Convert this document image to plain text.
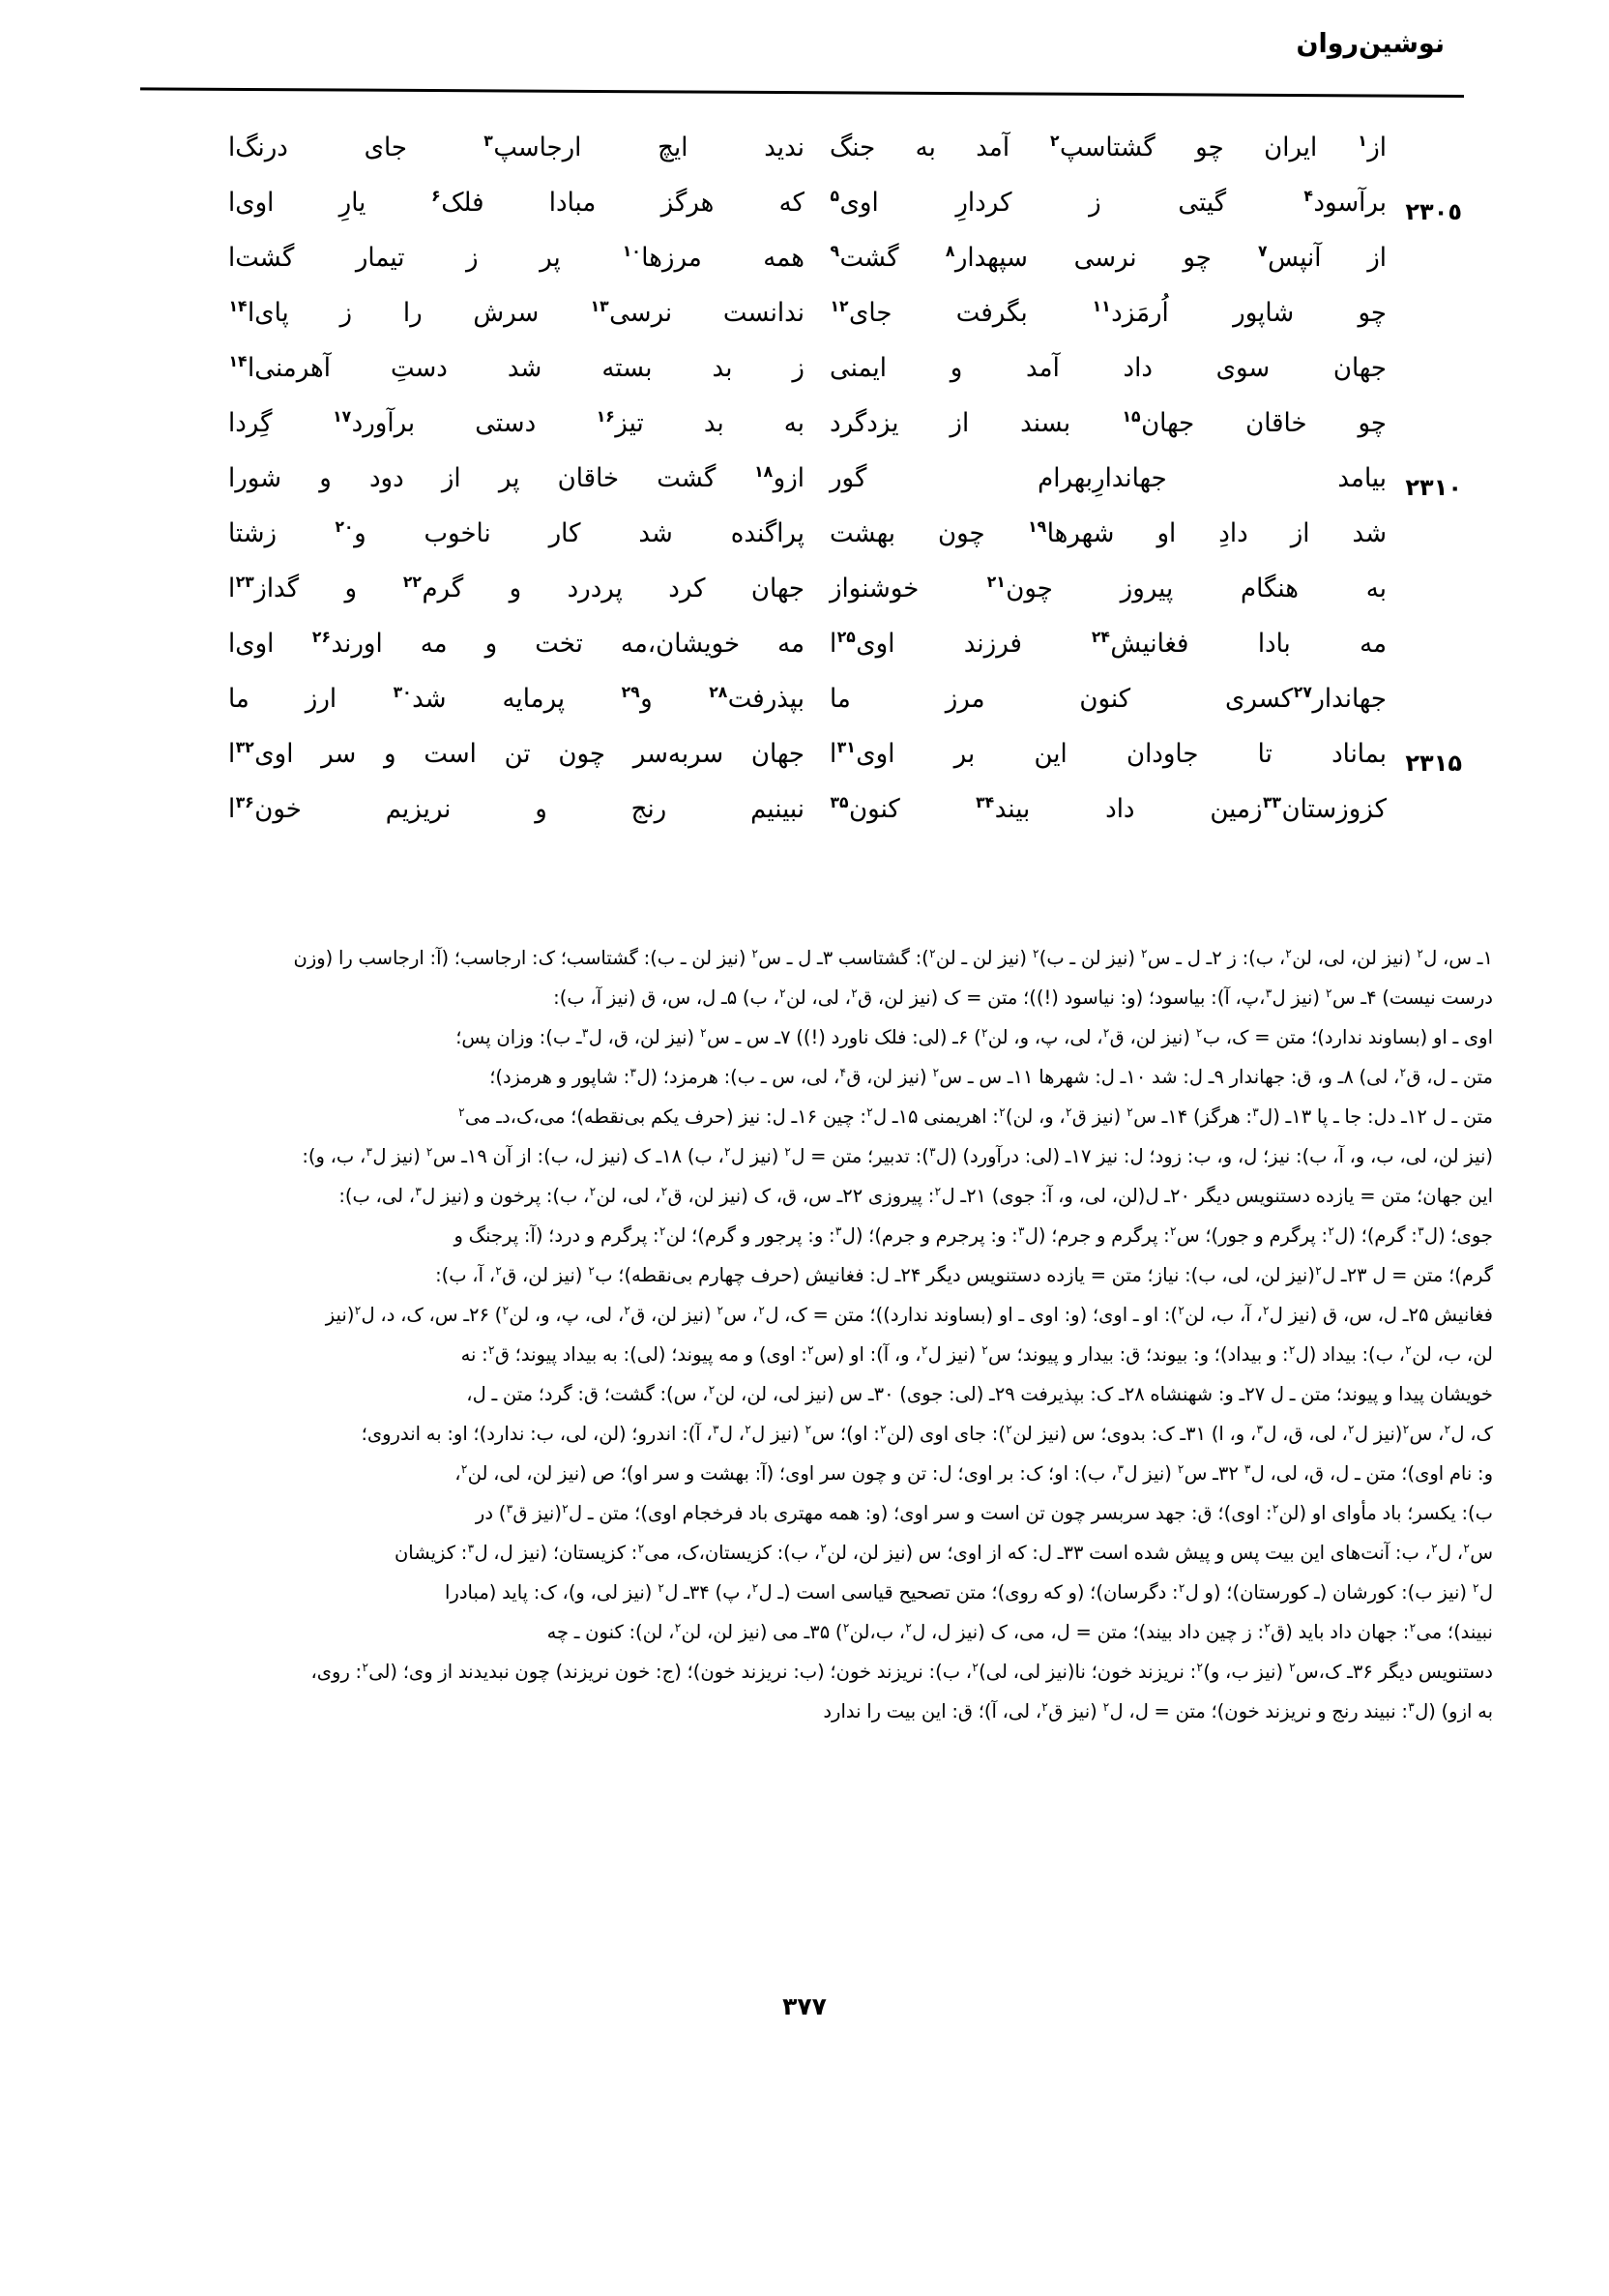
نوشین‌روان
از$^١$ ایران چو گشتاسپ$^٢$ آمد به جنگ
ندید ایچ ارجاسپ$^٣$ جای درنگ‌ا
٢٣٠٥
برآسود$^۴$ گیتی ز کردارِ اوی$^۵$
که هرگز مبادا فلک$^۶$ یارِ اوی‌ا
از آنپس$^٧$ چو نرسی سپهدار$^٨$ گشت$^٩$
همه مرزها$^{١٠}$ پر ز تیمار گشت‌ا
چو شاپور اُرمَزد$^{١١}$ بگرفت جای$^{١٢}$
ندانست نرسی$^{١٣}$ سرش را ز پای‌ا$^{١۴}$
جهان سوی داد آمد و ایمنی
ز بد بسته شد دستِ آهرمنی‌ا$^{١۴}$
چو خاقان جهان$^{١۵}$ بسند از یزدگرد
به بد تیز$^{١۶}$ دستی برآورد$^{١٧}$ گِردا
٢٣١٠
بیامد جهاندارِبهرام گور
ازو$^{١٨}$ گشت خاقان پر از دود و شورا
شد از دادِ او شهرها$^{١٩}$ چون بهشت
پراگنده شد کار ناخوب و$^{٢٠}$ زشتا
به هنگام پیروز چون$^{٢١}$ خوشنواز
جهان کرد پردرد و گرم$^{٢٢}$ و گداز$^{٢٣}$ا
مه بادا فغانیش$^{٢۴}$ فرزند اوی$^{٢۵}$ا
مه خویشان،مه تخت و مه اورند$^{٢۶}$ اوی‌ا
جهاندار$^{٢٧}$کسری کنون مرز ما
بپذرفت$^{٢٨}$ و$^{٢٩}$ پرمایه شد$^{٣٠}$ ارز ما
٢٣١۵
بماناد تا جاودان این بر اوی$^{٣١}$ا
جهان سربه‌سر چون تن است و سر اوی$^{٣٢}$ا
کزوزستان$^{٣٣}$زمین داد بیند$^{٣۴}$ کنون$^{٣۵}$
نبینیم رنج و نریزیم خون$^{٣۶}$ا

١ـ س، ل$^٢$ (نیز لن، لی، لن$^٢$، ب): ز ٢ـ ل ـ س$^٢$ (نیز لن ـ ب)$^٢$ (نیز لن ـ لن$^٢$): گشتاسب ٣ـ ل ـ س$^٢$ (نیز لن ـ ب): گشتاسب؛ ک: ارجاسب؛ (آ: ارجاسب را (وزن

درست نیست) ۴ـ س$^٢$ (نیز ل$^٣$،پ، آ): بیاسود؛ (و: نیاسود (!))؛ متن = ک (نیز لن، ق$^٢$، لی، لن$^٢$، ب) ۵ـ ل، س، ق (نیز آ، ب):

اوی ـ او (بساوند ندارد)؛ متن = ک، ب$^٢$ (نیز لن، ق$^٢$، لی، پ، و، لن$^٢$) ۶ـ (لی: فلک ناورد (!)) ٧ـ س ـ س$^٢$ (نیز لن، ق، ل$^٣$ـ ب): وزان پس؛

متن ـ ل، ق$^٢$، لی) ٨ـ و، ق: جهاندار ٩ـ ل: شد ١٠ـ ل: شهرها ١١ـ س ـ س$^٢$ (نیز لن، ق$^۴$، لی، س ـ ب): هرمزد؛ (ل$^٣$: شاپور و هرمزد)؛

متن ـ ل ١٢ـ دل: جا ـ پا ١٣ـ (ل$^٣$: هرگز) ١۴ـ س$^٢$ (نیز ق$^٢$، و، لن)$^٢$: اهریمنی ١۵ـ ل$^٢$: چین ١۶ـ ل: نیز (حرف یکم بی‌نقطه)؛ می،ک،دـ می$^٢$

(نیز لن، لی، ب، و، آ، ب): نیز؛ ل، و، ب: زود؛ ل: نیز ١٧ـ (لی: درآورد) (ل$^٣$): تدبیر؛ متن = ل$^٢$ (نیز ل$^٢$، ب) ١٨ـ ک (نیز ل، ب): از آن ١٩ـ س$^٢$ (نیز ل$^٣$، ب، و):

این جهان؛ متن = یازده دستنویس دیگر ٢٠ـ ل(لن، لی، و، آ: جوی) ٢١ـ ل$^٢$: پیروزی ٢٢ـ س، ق، ک (نیز لن، ق$^٢$، لی، لن$^٢$، ب): پرخون و (نیز ل$^٣$، لی، ب):

جوی؛ (ل$^٣$: گرم)؛ (ل$^٢$: پرگرم و جور)؛ س$^٢$: پرگرم و جرم؛ (ل$^٣$: و: پرجرم و جرم)؛ (ل$^٣$: و: پرجور و گرم)؛ لن$^٢$: پرگرم و درد؛ (آ: پرجنگ و

گرم)؛ متن = ل ٢٣ـ ل$^٢$(نیز لن، لی، ب): نیاز؛ متن = یازده دستنویس دیگر ٢۴ـ ل: فغانیش (حرف چهارم بی‌نقطه)؛ ب$^٢$ (نیز لن، ق$^٢$، آ، ب):

فغانیش ٢۵ـ ل، س، ق (نیز ل$^٢$، آ، ب، لن$^٢$): او ـ اوی؛ (و: اوی ـ او (بساوند ندارد))؛ متن = ک، ل$^٢$، س$^٢$ (نیز لن، ق$^٢$، لی، پ، و، لن$^٢$) ٢۶ـ س، ک، د، ل$^٢$(نیز

لن، ب، لن$^٢$، ب): بیداد (ل$^٢$: و بیداد)؛ و: بیوند؛ ق: بیدار و پیوند؛ س$^٢$ (نیز ل$^٢$، و، آ): او (س$^٢$: اوی) و مه پیوند؛ (لی): به بیداد پیوند؛ ق$^٢$: نه

خویشان پیدا و پیوند؛ متن ـ ل ٢٧ـ و: شهنشاه ٢٨ـ ک: بپذیرفت ٢٩ـ (لی: جوی) ٣٠ـ س (نیز لی، لن، لن$^٢$، س): گشت؛ ق: گرد؛ متن ـ ل،

ک، ل$^٢$، س$^٢$(نیز ل$^٢$، لی، ق، ل$^٣$، و، ا) ٣١ـ ک: بدوی؛ س (نیز لن$^٢$): جای اوی (لن$^٢$: او)؛ س$^٢$ (نیز ل$^٢$، ل$^٣$، آ): اندرو؛ (لن، لی، ب: ندارد)؛ او: به اندروی؛

و: نام اوی)؛ متن ـ ل، ق، لی، ل$^٣$ ٣٢ـ س$^٢$ (نیز ل$^٣$، ب): او؛ ک: بر اوی؛ ل: تن و چون سر اوی؛ (آ: بهشت و سر او)؛ ص (نیز لن، لی، لن$^٢$،

ب): یکسر؛ باد مأوای او (لن$^٢$: اوی)؛ ق: جهد سربسر چون تن است و سر اوی؛ (و: همه مهتری باد فرخجام اوی)؛ متن ـ ل$^٢$(نیز ق$^٣$) در

س$^٢$، ل$^٢$، ب: آنت‌های این بیت پس و پیش شده است ٣٣ـ ل: که از اوی؛ س (نیز لن، لن$^٢$، ب): کزیستان،ک، می$^٢$: کزیستان؛ (نیز ل، ل$^٣$: کزیشان

ل$^٢$ (نیز ب): کورشان (ـ کورستان)؛ (و ل$^٢$: دگرسان)؛ (و که روی)؛ متن تصحیح قیاسی است (ـ ل$^٢$، پ) ٣۴ـ ل$^٢$ (نیز لی، و)، ک: پاید (مبادرا

نبیند)؛ می$^٢$: جهان داد باید (ق$^٢$: ز چین داد بیند)؛ متن = ل، می، ک (نیز ل، ل$^٢$، ب،لن$^٢$) ٣۵ـ می (نیز لن، لن$^٢$، لن): کنون ـ چه

دستنویس دیگر ٣۶ـ ک،س$^٢$ (نیز ب، و)$^٢$: نریزند خون؛ نا(نیز لی، لی)$^٢$، ب): نریزند خون؛ (ب: نریزند خون)؛ (ج: خون نریزند) چون نبدیدند از وی؛ (لی$^٢$: روی،

به ازو) (ل$^٣$: نبیند رنج و نریزند خون)؛ متن = ل، ل$^٢$ (نیز ق$^٢$، لی، آ)؛ ق: این بیت را ندارد

٣٧٧
